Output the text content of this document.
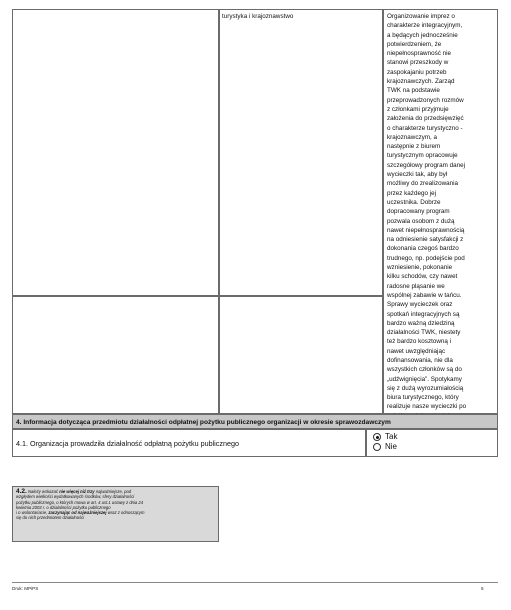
turystyka i krajoznawstwo	Organizowanie imprez o
charakterze integracyjnym,
a będących jednocześnie
potwierdzeniem, że
niepełnosprawność nie
stanowi przeszkody w
zaspokajaniu potrzeb
krajoznawczych. Zarząd
TWK na podstawie
przeprowadzonych rozmów
z członkami przyjmuje
założenia do przedsięwzięć
o charakterze turystyczno -
krajoznawczym, a
następnie z biurem
turystycznym opracowuje
szczegółowy program danej
wycieczki tak, aby był
możliwy do zrealizowania
przez każdego jej
uczestnika. Dobrze
dopracowany program
pozwala osobom z dużą
nawet niepełnosprawnością
na odniesienie satysfakcji z
dokonania czegoś bardzo
trudnego, np. podejście pod
wzniesienie, pokonanie
kilku schodów, czy nawet
radosne pląsanie we
wspólnej zabawie w tańcu.
Sprawy wycieczek oraz
spotkań integracyjnych są
bardzo ważną dziedziną
działalności TWK, niestety
też bardzo kosztowną i
nawet uwzględniając
dofinansowania, nie dla
wszystkich członków są do
„udźwignięcia”. Spotykamy
się z dużą wyrozumiałością
biura turystycznego, który
realizuje nasze wycieczki po

4. Informacja dotycząca przedmiotu działalności odpłatnej pożytku publicznego organizacji w okresie sprawozdawczym
4.1. Organizacja prowadziła działalność odpłatną pożytku publicznego
Tak
Nie
4.2. Należy wskazać nie więcej niż trzy najważniejsze, pod
względem wielkości wydatkowanych środków, sfery działalności
pożytku publicznego, o których mowa w art. 4 ust.1 ustawy z dnia 24
kwietnia 2003 r. o działalności pożytku publicznego
i o wolontariacie, zaczynając od najważniejszej wraz z odnoszącym
się do nich przedmiotem działalności
Druk: MPiPS	5
